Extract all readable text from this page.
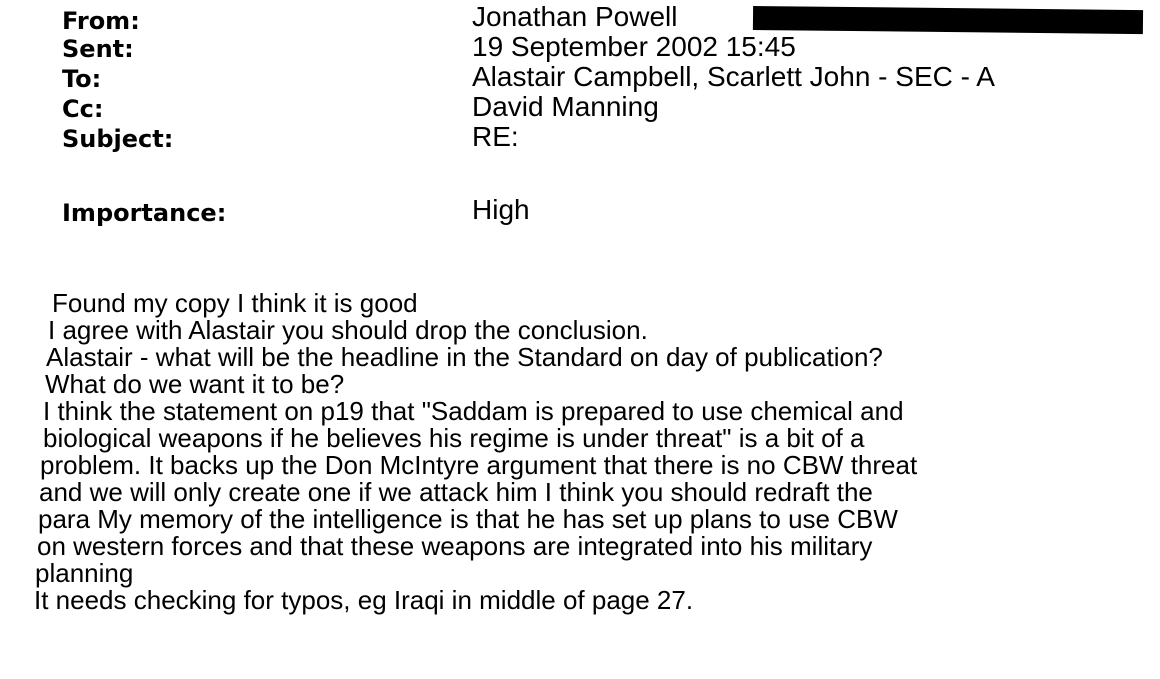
From:	Jonathan Powell
Sent:	19 September 2002 15:45
To:	Alastair Campbell, Scarlett John - SEC - A
Cc:	David Manning
Subject:	RE:
Importance:	High
Found my copy I think it is good
I agree with Alastair you should drop the conclusion.
Alastair - what will be the headline in the Standard on day of publication?
What do we want it to be?
I think the statement on p19 that "Saddam is prepared to use chemical and
biological weapons if he believes his regime is under threat" is a bit of a
problem. It backs up the Don McIntyre argument that there is no CBW threat
and we will only create one if we attack him I think you should redraft the
para My memory of the intelligence is that he has set up plans to use CBW
on western forces and that these weapons are integrated into his military
planning
It needs checking for typos, eg Iraqi in middle of page 27.
